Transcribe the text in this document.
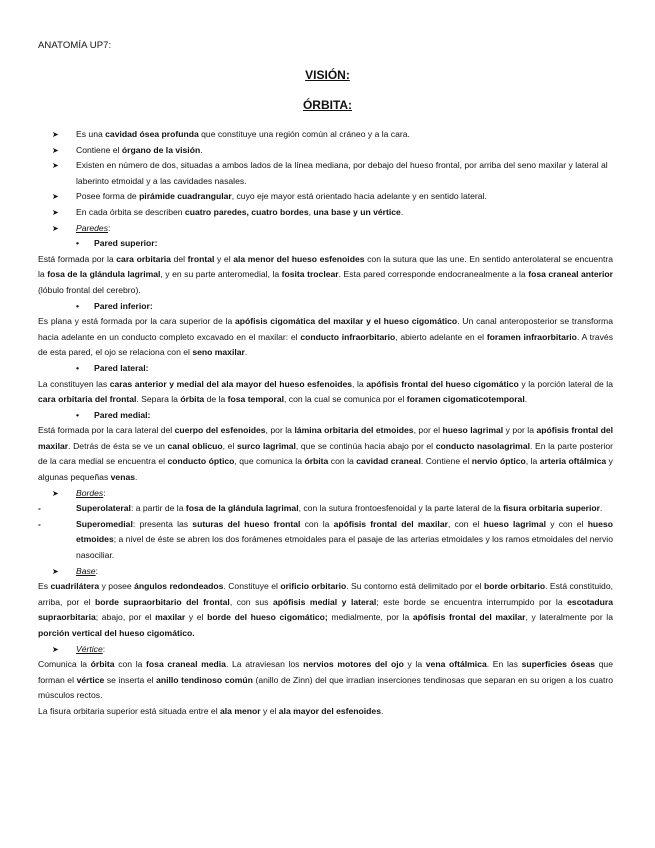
ANATOMÍA UP7:
VISIÓN:
ÓRBITA:
➤ Es una cavidad ósea profunda que constituye una región común al cráneo y a la cara.
➤ Contiene el órgano de la visión.
➤ Existen en número de dos, situadas a ambos lados de la línea mediana, por debajo del hueso frontal, por arriba del seno maxilar y lateral al laberinto etmoidal y a las cavidades nasales.
➤ Posee forma de pirámide cuadrangular, cuyo eje mayor está orientado hacia adelante y en sentido lateral.
➤ En cada órbita se describen cuatro paredes, cuatro bordes, una base y un vértice.
➤ Paredes:
• Pared superior:
Está formada por la cara orbitaria del frontal y el ala menor del hueso esfenoides con la sutura que las une. En sentido anterolateral se encuentra la fosa de la glándula lagrimal, y en su parte anteromedial, la fosita troclear. Esta pared corresponde endocranealmente a la fosa craneal anterior (lóbulo frontal del cerebro).
• Pared inferior:
Es plana y está formada por la cara superior de la apófisis cigomática del maxilar y el hueso cigomático. Un canal anteroposterior se transforma hacia adelante en un conducto completo excavado en el maxilar: el conducto infraorbitario, abierto adelante en el foramen infraorbitario. A través de esta pared, el ojo se relaciona con el seno maxilar.
• Pared lateral:
La constituyen las caras anterior y medial del ala mayor del hueso esfenoides, la apófisis frontal del hueso cigomático y la porción lateral de la cara orbitaria del frontal. Separa la órbita de la fosa temporal, con la cual se comunica por el foramen cigomaticotemporal.
• Pared medial:
Está formada por la cara lateral del cuerpo del esfenoides, por la lámina orbitaria del etmoides, por el hueso lagrimal y por la apófisis frontal del maxilar. Detrás de ésta se ve un canal oblicuo, el surco lagrimal, que se continúa hacia abajo por el conducto nasolagrimal. En la parte posterior de la cara medial se encuentra el conducto óptico, que comunica la órbita con la cavidad craneal. Contiene el nervio óptico, la arteria oftálmica y algunas pequeñas venas.
➤ Bordes:
-	Superolateral: a partir de la fosa de la glándula lagrimal, con la sutura frontoesfenoidal y la parte lateral de la fisura orbitaria superior.
-	Superomedial: presenta las suturas del hueso frontal con la apófisis frontal del maxilar, con el hueso lagrimal y con el hueso etmoides; a nivel de éste se abren los dos forámenes etmoidales para el pasaje de las arterias etmoidales y los ramos etmoidales del nervio nasociliar.
➤ Base:
Es cuadrilátera y posee ángulos redondeados. Constituye el orificio orbitario. Su contorno está delimitado por el borde orbitario. Está constituido, arriba, por el borde supraorbitario del frontal, con sus apófisis medial y lateral; este borde se encuentra interrumpido por la escotadura supraorbitaria; abajo, por el maxilar y el borde del hueso cigomático; medialmente, por la apófisis frontal del maxilar, y lateralmente por la porción vertical del hueso cigomático.
➤ Vértice:
Comunica la órbita con la fosa craneal media. La atraviesan los nervios motores del ojo y la vena oftálmica. En las superficies óseas que forman el vértice se inserta el anillo tendinoso común (anillo de Zinn) del que irradian inserciones tendinosas que separan en su origen a los cuatro músculos rectos.
La fisura orbitaria superior está situada entre el ala menor y el ala mayor del esfenoides.
